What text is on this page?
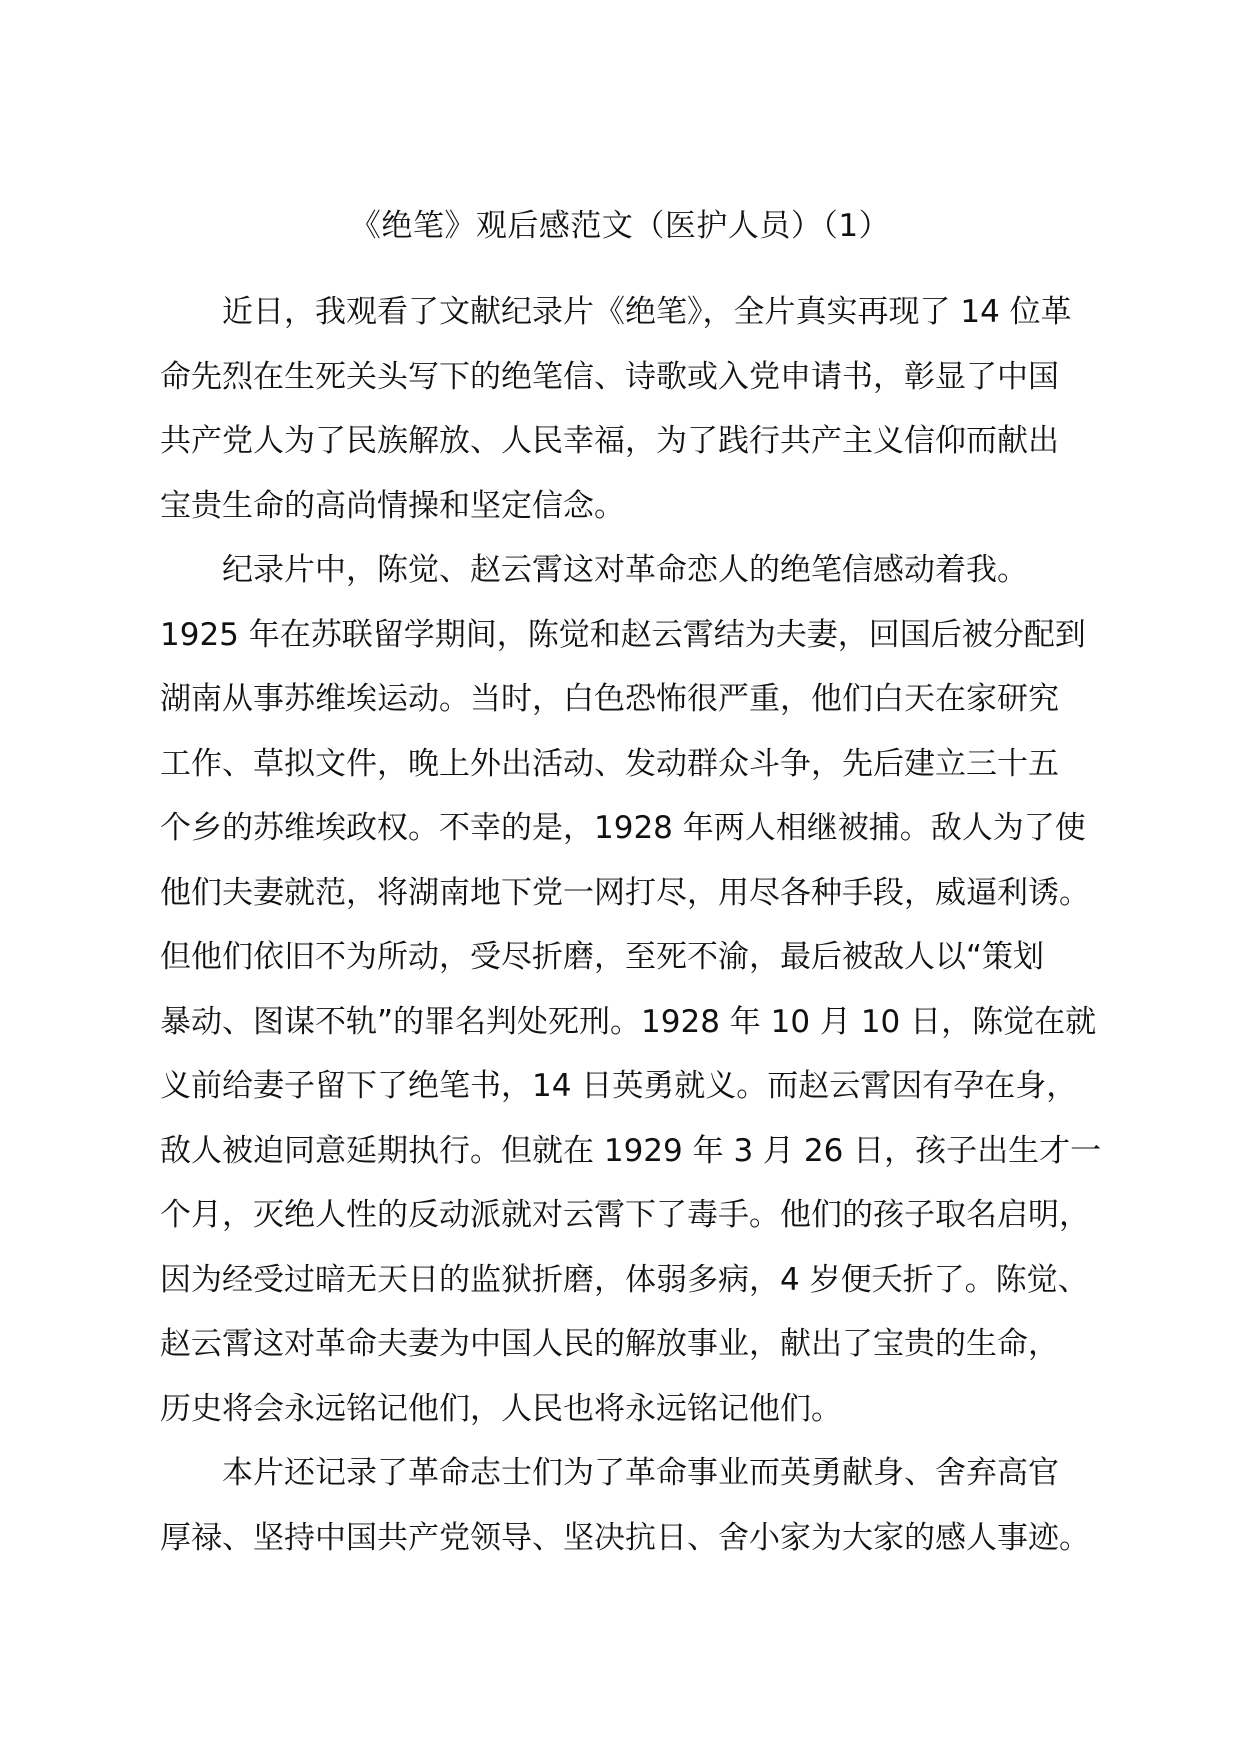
《绝笔》观后感范文（医护人员）（1）

近日，我观看了文献纪录片《绝笔》，全片真实再现了 14 位革
命先烈在生死关头写下的绝笔信、诗歌或入党申请书，彰显了中国
共产党人为了民族解放、人民幸福，为了践行共产主义信仰而献出
宝贵生命的高尚情操和坚定信念。

纪录片中，陈觉、赵云霄这对革命恋人的绝笔信感动着我。
1925 年在苏联留学期间，陈觉和赵云霄结为夫妻，回国后被分配到
湖南从事苏维埃运动。当时，白色恐怖很严重，他们白天在家研究
工作、草拟文件，晚上外出活动、发动群众斗争，先后建立三十五
个乡的苏维埃政权。不幸的是，1928 年两人相继被捕。敌人为了使
他们夫妻就范，将湖南地下党一网打尽，用尽各种手段，威逼利诱。
但他们依旧不为所动，受尽折磨，至死不渝，最后被敌人以“策划
暴动、图谋不轨”的罪名判处死刑。1928 年 10 月 10 日，陈觉在就
义前给妻子留下了绝笔书，14 日英勇就义。而赵云霄因有孕在身，
敌人被迫同意延期执行。但就在 1929 年 3 月 26 日，孩子出生才一
个月，灭绝人性的反动派就对云霄下了毒手。他们的孩子取名启明，
因为经受过暗无天日的监狱折磨，体弱多病，4 岁便夭折了。陈觉、
赵云霄这对革命夫妻为中国人民的解放事业，献出了宝贵的生命，
历史将会永远铭记他们，人民也将永远铭记他们。

本片还记录了革命志士们为了革命事业而英勇献身、舍弃高官
厚禄、坚持中国共产党领导、坚决抗日、舍小家为大家的感人事迹。
